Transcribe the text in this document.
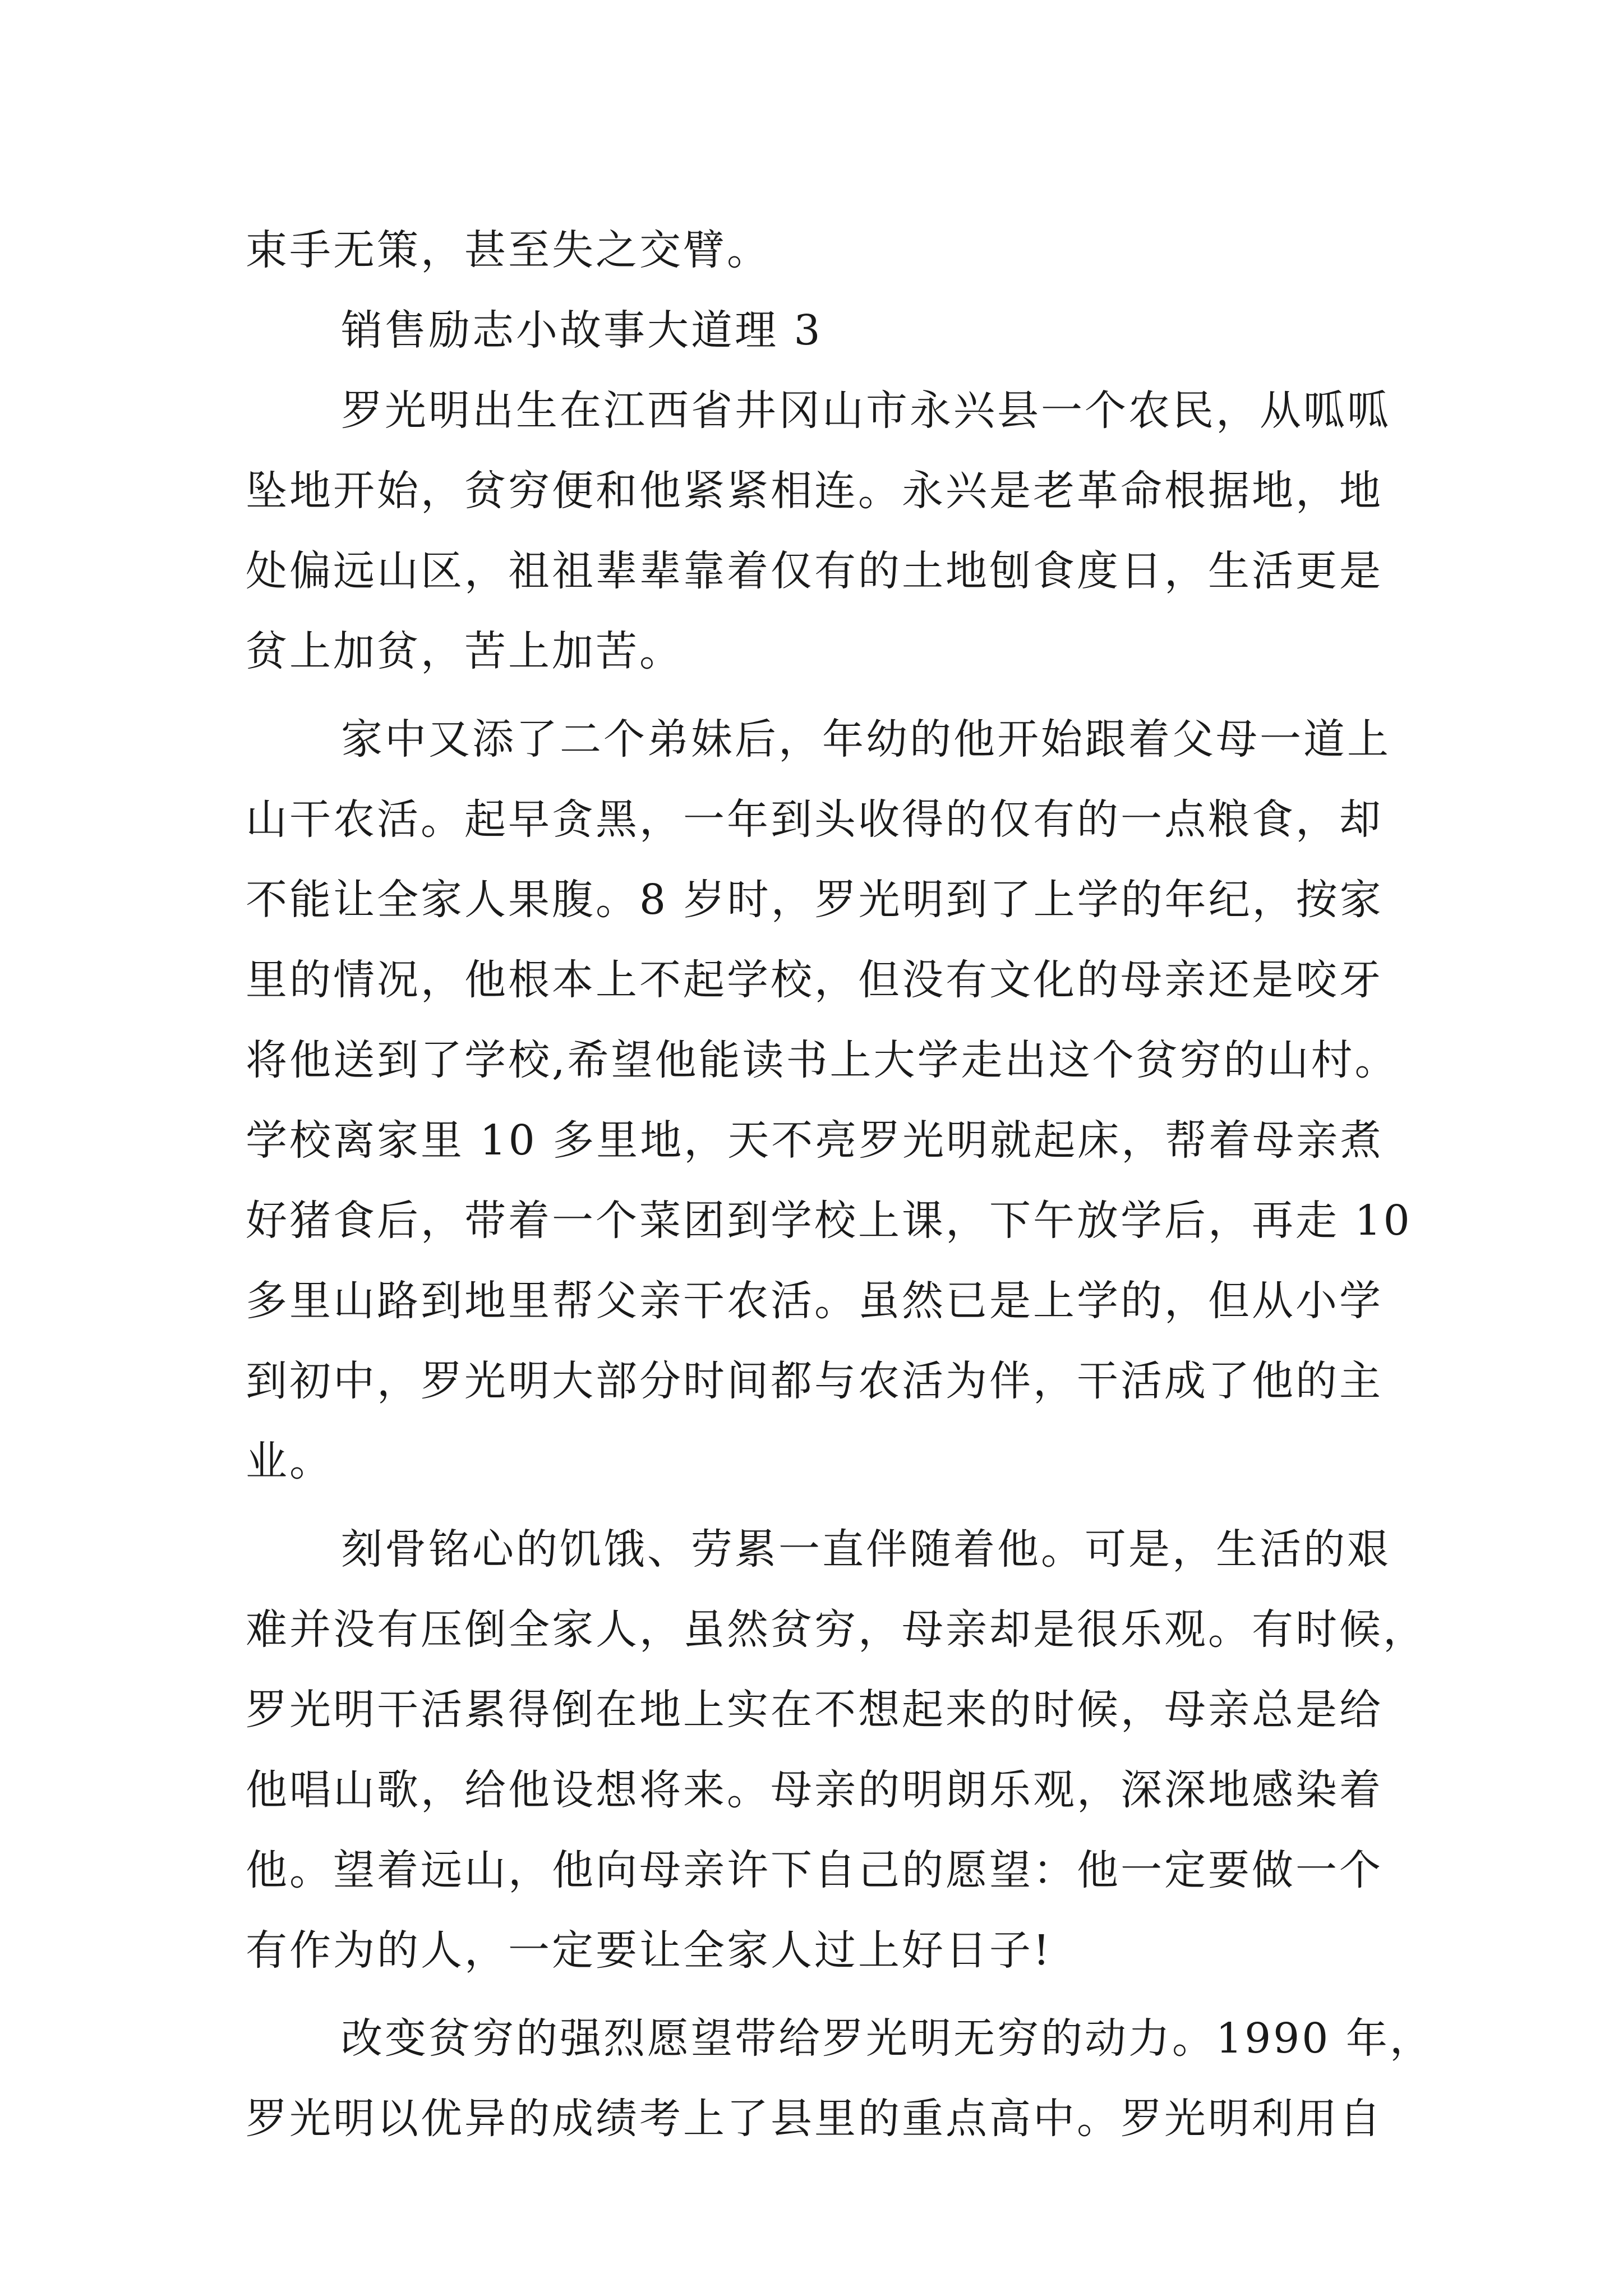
束手无策，甚至失之交臂。
销售励志小故事大道理 3
罗光明出生在江西省井冈山市永兴县一个农民，从呱呱
坠地开始，贫穷便和他紧紧相连。永兴是老革命根据地，地
处偏远山区，祖祖辈辈靠着仅有的土地刨食度日，生活更是
贫上加贫，苦上加苦。
家中又添了二个弟妹后，年幼的他开始跟着父母一道上
山干农活。起早贪黑，一年到头收得的仅有的一点粮食，却
不能让全家人果腹。8 岁时，罗光明到了上学的年纪，按家
里的情况，他根本上不起学校，但没有文化的母亲还是咬牙
将他送到了学校,希望他能读书上大学走出这个贫穷的山村。
学校离家里 10 多里地，天不亮罗光明就起床，帮着母亲煮
好猪食后，带着一个菜团到学校上课，下午放学后，再走 10
多里山路到地里帮父亲干农活。虽然已是上学的，但从小学
到初中，罗光明大部分时间都与农活为伴，干活成了他的主
业。
刻骨铭心的饥饿、劳累一直伴随着他。可是，生活的艰
难并没有压倒全家人，虽然贫穷，母亲却是很乐观。有时候，
罗光明干活累得倒在地上实在不想起来的时候，母亲总是给
他唱山歌，给他设想将来。母亲的明朗乐观，深深地感染着
他。望着远山，他向母亲许下自己的愿望：他一定要做一个
有作为的人，一定要让全家人过上好日子!
改变贫穷的强烈愿望带给罗光明无穷的动力。1990 年，
罗光明以优异的成绩考上了县里的重点高中。罗光明利用自
